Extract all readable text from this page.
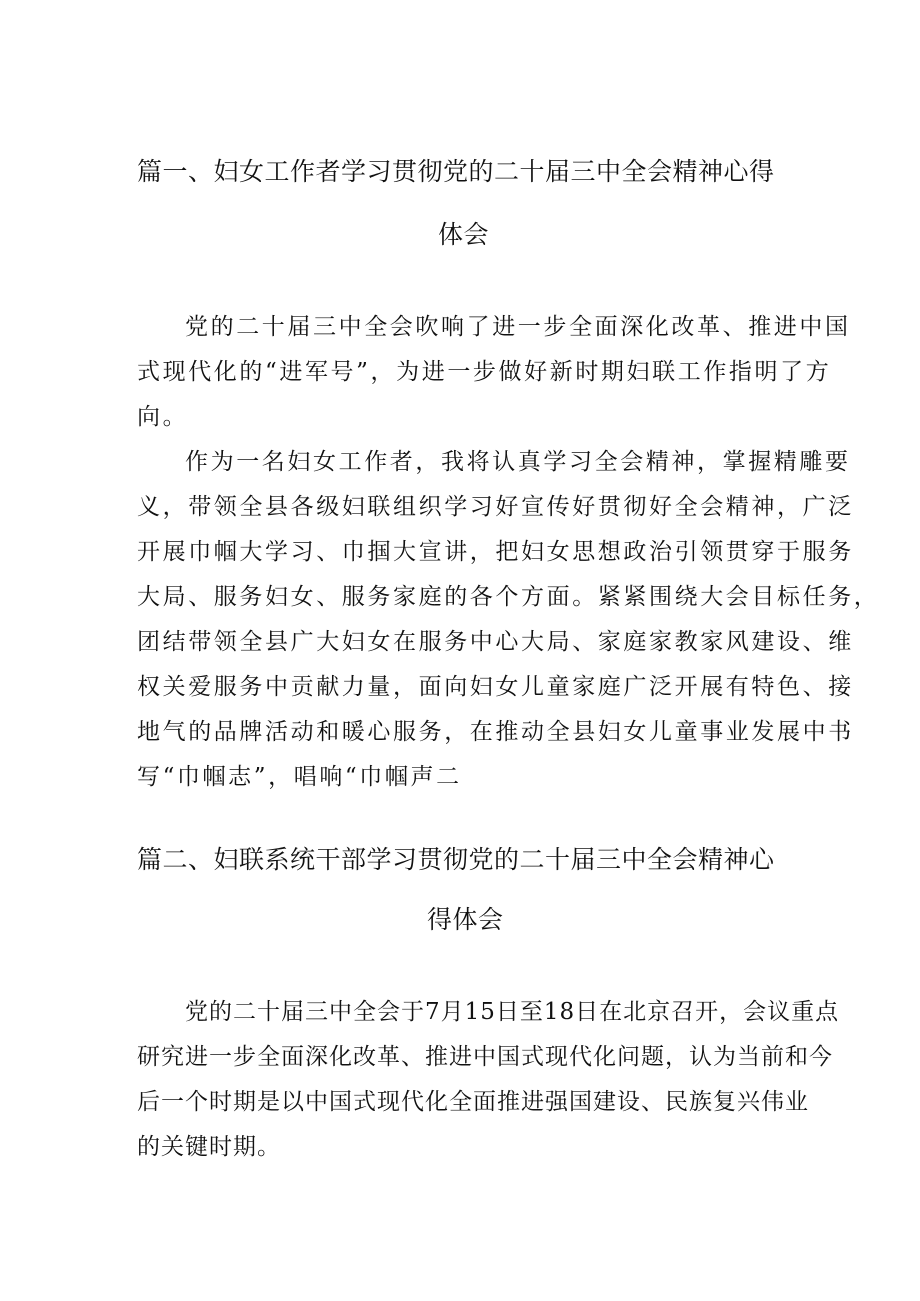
篇一、妇女工作者学习贯彻党的二十届三中全会精神心得
体会
党的二十届三中全会吹响了进一步全面深化改革、推进中国
式现代化的“进军号”，为进一步做好新时期妇联工作指明了方
向。
作为一名妇女工作者，我将认真学习全会精神，掌握精雕要
义，带领全县各级妇联组织学习好宣传好贯彻好全会精神，广泛
开展巾帼大学习、巾掴大宣讲，把妇女思想政治引领贯穿于服务
大局、服务妇女、服务家庭的各个方面。紧紧围绕大会目标任务，
团结带领全县广大妇女在服务中心大局、家庭家教家风建设、维
权关爱服务中贡献力量，面向妇女儿童家庭广泛开展有特色、接
地气的品牌活动和暖心服务，在推动全县妇女儿童事业发展中书
写“巾帼志”，唱响“巾帼声二
篇二、妇联系统干部学习贯彻党的二十届三中全会精神心
得体会
党的二十届三中全会于7月15日至18日在北京召开，会议重点
研究进一步全面深化改革、推进中国式现代化问题，认为当前和今
后一个时期是以中国式现代化全面推进强国建设、民族复兴伟业
的关键时期。
